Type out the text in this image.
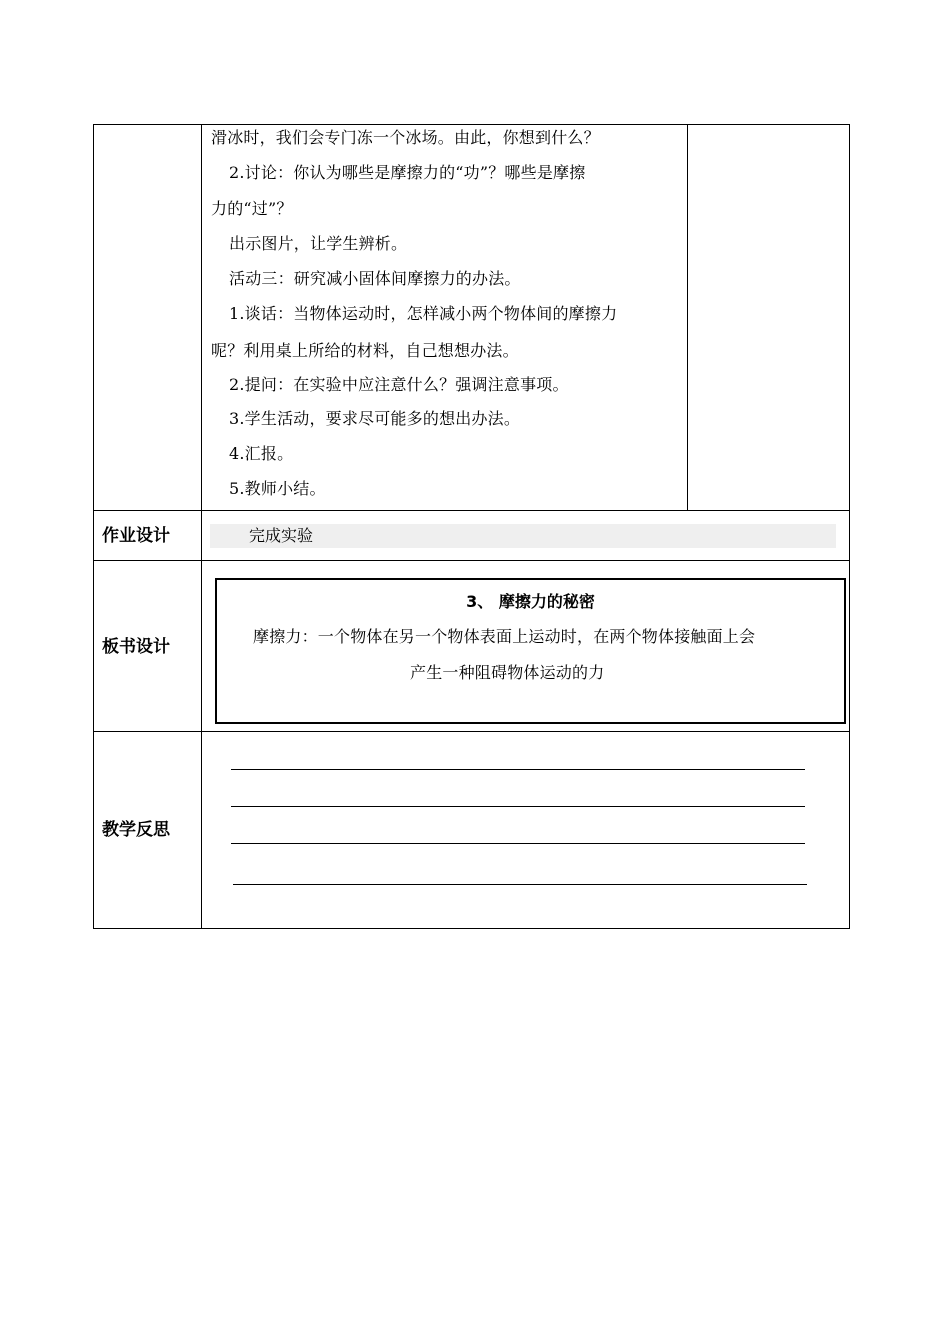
滑冰时，我们会专门冻一个冰场。由此，你想到什么？
2.讨论：你认为哪些是摩擦力的“功”？哪些是摩擦
力的“过”？
出示图片，让学生辨析。
活动三：研究减小固体间摩擦力的办法。
1.谈话：当物体运动时，怎样减小两个物体间的摩擦力
呢？利用桌上所给的材料，自己想想办法。
2.提问：在实验中应注意什么？强调注意事项。
3.学生活动，要求尽可能多的想出办法。
4.汇报。
5.教师小结。
作业设计	完成实验
板书设计
3、 摩擦力的秘密
摩擦力：一个物体在另一个物体表面上运动时，在两个物体接触面上会
产生一种阻碍物体运动的力
教学反思
